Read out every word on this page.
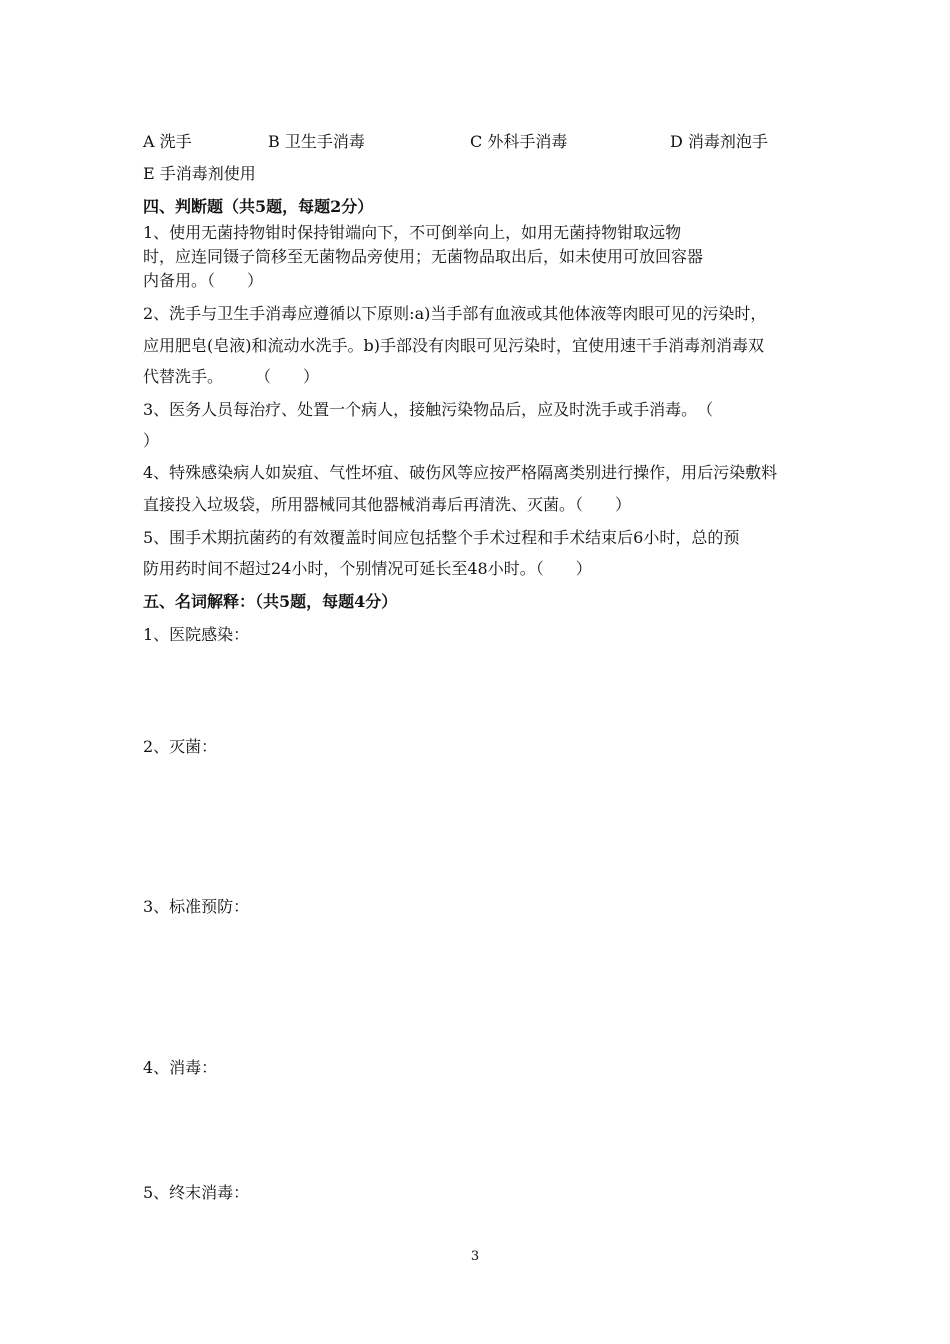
A 洗手	B 卫生手消毒	C 外科手消毒	D 消毒剂泡手
E 手消毒剂使用
四、判断题（共5题，每题2分）
1、使用无菌持物钳时保持钳端向下，不可倒举向上，如用无菌持物钳取远物
时，应连同镊子筒移至无菌物品旁使用；无菌物品取出后，如未使用可放回容器
内备用。（　　）
2、洗手与卫生手消毒应遵循以下原则:a)当手部有血液或其他体液等肉眼可见的污染时，
应用肥皂(皂液)和流动水洗手。b)手部没有肉眼可见污染时，宜使用速干手消毒剂消毒双
代替洗手。　　　（　　）
3、医务人员每治疗、处置一个病人，接触污染物品后，应及时洗手或手消毒。　（
）
4、特殊感染病人如炭疽、气性坏疽、破伤风等应按严格隔离类别进行操作，用后污染敷料
直接投入垃圾袋，所用器械同其他器械消毒后再清洗、灭菌。（　　）
5、围手术期抗菌药的有效覆盖时间应包括整个手术过程和手术结束后6小时，总的预
防用药时间不超过24小时，个别情况可延长至48小时。（　　）
五、名词解释：（共5题，每题4分）
1、医院感染：
2、灭菌：
3、标准预防：
4、消毒：
5、终末消毒：
3
